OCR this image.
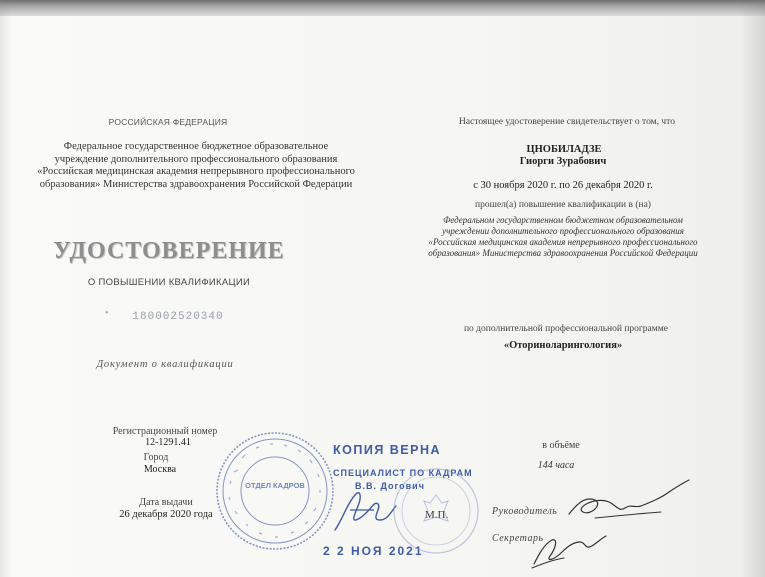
РОССИЙСКАЯ ФЕДЕРАЦИЯ
Федеральное государственное бюджетное образовательное
учреждение дополнительного профессионального образования
«Российская медицинская академия непрерывного профессионального
образования» Министерства здравоохранения Российской Федерации
УДОСТОВЕРЕНИЕ
О ПОВЫШЕНИИ КВАЛИФИКАЦИИ
• 180002520340
Документ о квалификации
Регистрационный номер
12-1291.41
Город
Москва
Дата выдачи
26 декабря 2020 года
Настоящее удостоверение свидетельствует о том, что
ЦНОБИЛАДЗЕ
Гиорги Зурабович
с 30 ноября 2020 г. по 26 декабря 2020 г.
прошел(а) повышение квалификации в (на)
Федеральном государственном бюджетном образовательном
учреждении дополнительного профессионального образования
«Российская медицинская академия непрерывного профессионального
образования» Министерства здравоохранения Российской Федерации
по дополнительной профессиональной программе
«Оториноларингология»
в объёме
144 часа
Руководитель
Секретарь
М.П.
ОТДЕЛ КАДРОВ
КОПИЯ ВЕРНА
СПЕЦИАЛИСТ ПО КАДРАМ
В.В. Догович
2 2 НОЯ 2021
